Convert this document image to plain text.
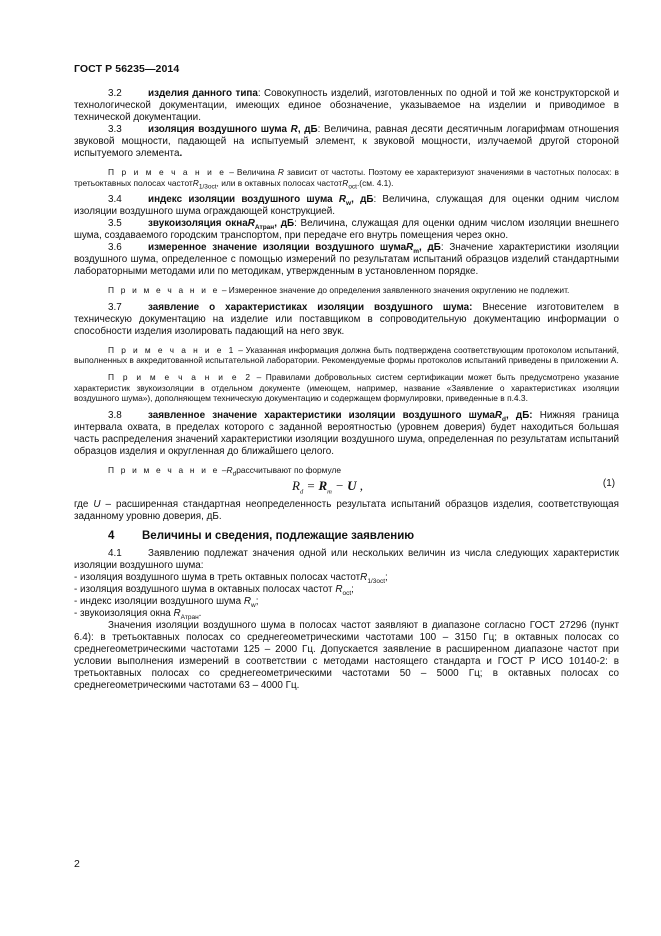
ГОСТ Р 56235—2014

3.2	изделия данного типа: Совокупность изделий, изготовленных по одной и той же конструкторской и технологической документации, имеющих единое обозначение, указываемое на изделии и приводимое в технической документации.

3.3	изоляция воздушного шума R, дБ: Величина, равная десяти десятичным логарифмам отношения звуковой мощности, падающей на испытуемый элемент, к звуковой мощности, излучаемой другой стороной испытуемого элемента.

П р и м е ч а н и е – Величина R зависит от частоты. Поэтому ее характеризуют значениями в частотных полосах: в третьоктавных полосах частотR$_{1/3oct}$, или в октавных полосах частотR$_{oct}$.(см. 4.1).

3.4	индекс изоляции воздушного шума $R_w$, дБ: Величина, служащая для оценки одним числом изоляции воздушного шума ограждающей конструкцией.

3.5	звукоизоляция окнаR$_{Aтран}$, дБ: Величина, служащая для оценки одним числом изоляции внешнего шума, создаваемого городским транспортом, при передаче его внутрь помещения через окно.

3.6	измеренное значение изоляции воздушного шумаR$_m$, дБ: Значение характеристики изоляции воздушного шума, определенное с помощью измерений по результатам испытаний образцов изделий стандартными лабораторными методами или по методикам, утвержденным в установленном порядке.

П р и м е ч а н и е – Измеренное значение до определения заявленного значения округлению не подлежит.

3.7	заявление о характеристиках изоляции воздушного шума: Внесение изготовителем в техническую документацию на изделие или поставщиком в сопроводительную документацию информации о способности изделия изолировать падающий на него звук.

П р и м е ч а н и е 1 – Указанная информация должна быть подтверждена соответствующим протоколом испытаний, выполненных в аккредитованной испытательной лаборатории. Рекомендуемые формы протоколов испытаний приведены в приложении А.

П р и м е ч а н и е 2 – Правилами добровольных систем сертификации может быть предусмотрено указание характеристик звукоизоляции в отдельном документе (имеющем, например, название «Заявление о характеристиках изоляции воздушного шума»), дополняющем техническую документацию и содержащем формулировки, приведенные в п.4.3.

3.8	заявленное значение характеристики изоляции воздушного шумаR$_d$, дБ: Нижняя граница интервала охвата, в пределах которого с заданной вероятностью (уровнем доверия) будет находиться большая часть распределения значений характеристики изоляции воздушного шума, определенная по результатам испытаний образцов изделия и округленная до ближайшего целого.

П р и м е ч а н и е $-R_dрассчитывают$ по формуле

$R_d = R_m - U$ ,	(1)

где U – расширенная стандартная неопределенность результата испытаний образцов изделия, соответствующая заданному уровню доверия, дБ.

4 Величины и сведения, подлежащие заявлению

4.1	Заявлению подлежат значения одной или нескольких величин из числа следующих характеристик изоляции воздушного шума:

- изоляция воздушного шума в треть октавных полосах частотR$_{1/3oct}$;

- изоляция воздушного шума в октавных полосах частот $R_{oct}$;

- индекс изоляции воздушного шума $R_w$;

- звукоизоляция окна $R_{Атран}$.

Значения изоляции воздушного шума в полосах частот заявляют в диапазоне согласно ГОСТ 27296 (пункт 6.4): в третьоктавных полосах со среднегеометрическими частотами 100 – 3150 Гц; в октавных полосах со среднегеометрическими частотами 125 – 2000 Гц. Допускается заявление в расширенном диапазоне частот при условии выполнения измерений в соответствии с методами настоящего стандарта и ГОСТ Р ИСО 10140-2: в третьоктавных полосах со среднегеометрическими частотами 50 – 5000 Гц; в октавных полосах со среднегеометрическими частотами 63 – 4000 Гц.

2
